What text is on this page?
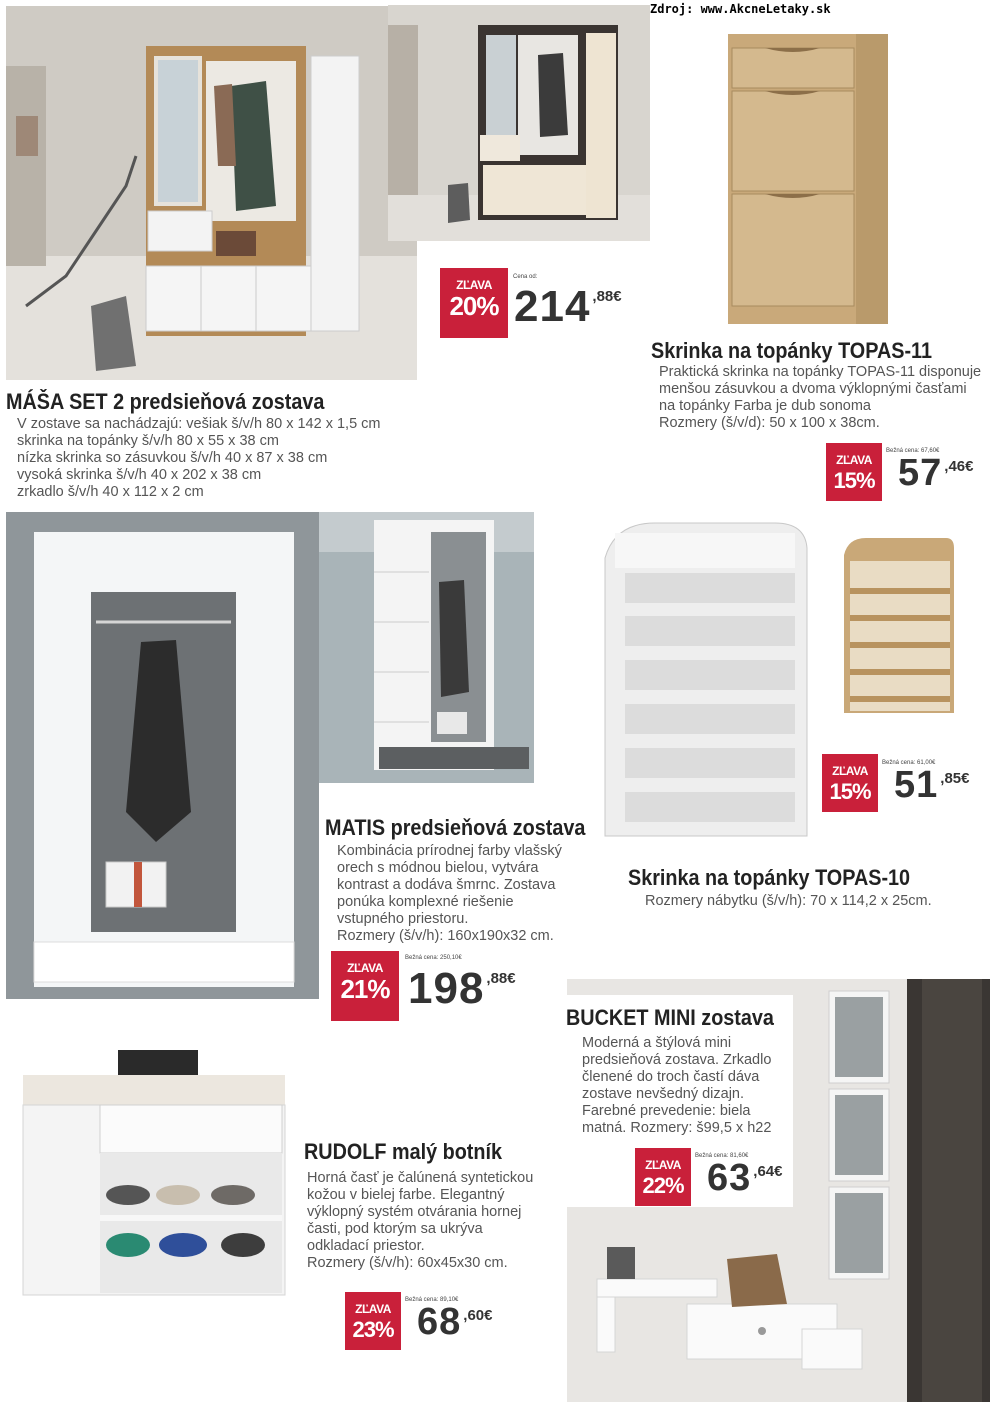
Zdroj: www.AkcneLetaky.sk
ZĽAVA
20%
Cena od:
214 ,88€
MÁŠA SET 2 predsieňová zostava
V zostave sa nachádzajú: vešiak š/v/h 80 x 142 x 1,5 cm
skrinka na topánky š/v/h 80 x 55 x 38 cm
nízka skrinka so zásuvkou š/v/h 40 x 87 x 38 cm
vysoká skrinka š/v/h 40 x 202 x 38 cm
zrkadlo š/v/h 40 x 112 x 2 cm
Skrinka na topánky TOPAS-11
Praktická skrinka na topánky TOPAS-11 disponuje
menšou zásuvkou a dvoma výklopnými časťami
na topánky Farba je dub sonoma
Rozmery (š/v/d): 50 x 100 x 38cm.
ZĽAVA
15%
Bežná cena: 67,60€
57 ,46€
MATIS predsieňová zostava
Kombinácia prírodnej farby vlašský
orech s módnou bielou, vytvára
kontrast a dodáva šmrnc. Zostava
ponúka komplexné riešenie
vstupného priestoru.
Rozmery (š/v/h): 160x190x32 cm.
ZĽAVA
21%
Bežná cena: 250,10€
198 ,88€
ZĽAVA
15%
Bežná cena: 61,00€
51 ,85€
Skrinka na topánky TOPAS-10
Rozmery nábytku (š/v/h): 70 x 114,2 x 25cm.
BUCKET MINI zostava
Moderná a štýlová mini
predsieňová zostava. Zrkadlo
členené do troch častí dáva
zostave nevšedný dizajn.
Farebné prevedenie: biela
matná. Rozmery: š99,5 x h22
ZĽAVA
22%
Bežná cena: 81,60€
63 ,64€
RUDOLF malý botník
Horná časť je čalúnená syntetickou
kožou v bielej farbe. Elegantný
výklopný systém otvárania hornej
časti, pod ktorým sa ukrýva
odkladací priestor.
Rozmery (š/v/h): 60x45x30 cm.
ZĽAVA
23%
Bežná cena: 89,10€
68 ,60€
